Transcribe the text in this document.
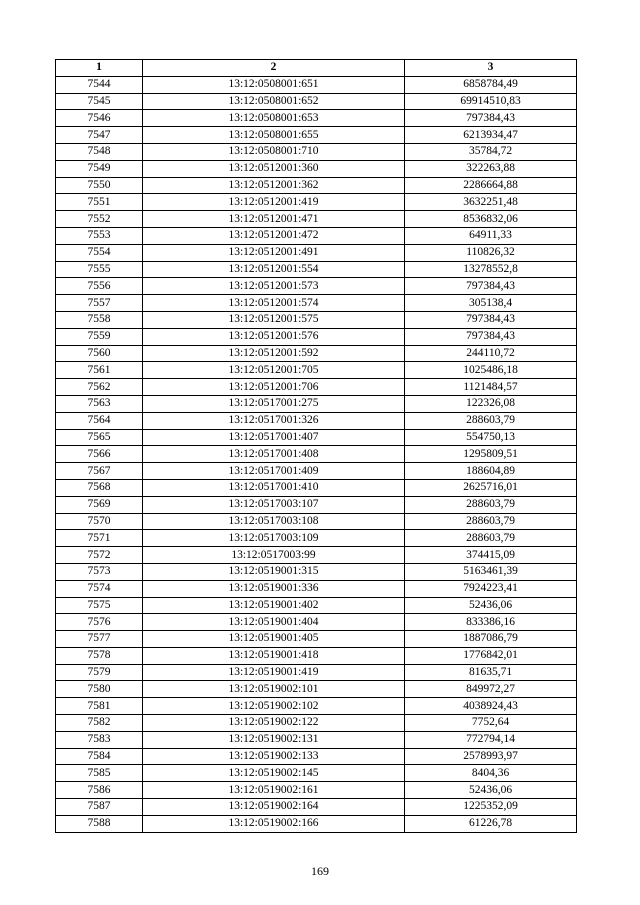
1	2	3
7544	13:12:0508001:651	6858784,49
7545	13:12:0508001:652	69914510,83
7546	13:12:0508001:653	797384,43
7547	13:12:0508001:655	6213934,47
7548	13:12:0508001:710	35784,72
7549	13:12:0512001:360	322263,88
7550	13:12:0512001:362	2286664,88
7551	13:12:0512001:419	3632251,48
7552	13:12:0512001:471	8536832,06
7553	13:12:0512001:472	64911,33
7554	13:12:0512001:491	110826,32
7555	13:12:0512001:554	13278552,8
7556	13:12:0512001:573	797384,43
7557	13:12:0512001:574	305138,4
7558	13:12:0512001:575	797384,43
7559	13:12:0512001:576	797384,43
7560	13:12:0512001:592	244110,72
7561	13:12:0512001:705	1025486,18
7562	13:12:0512001:706	1121484,57
7563	13:12:0517001:275	122326,08
7564	13:12:0517001:326	288603,79
7565	13:12:0517001:407	554750,13
7566	13:12:0517001:408	1295809,51
7567	13:12:0517001:409	188604,89
7568	13:12:0517001:410	2625716,01
7569	13:12:0517003:107	288603,79
7570	13:12:0517003:108	288603,79
7571	13:12:0517003:109	288603,79
7572	13:12:0517003:99	374415,09
7573	13:12:0519001:315	5163461,39
7574	13:12:0519001:336	7924223,41
7575	13:12:0519001:402	52436,06
7576	13:12:0519001:404	833386,16
7577	13:12:0519001:405	1887086,79
7578	13:12:0519001:418	1776842,01
7579	13:12:0519001:419	81635,71
7580	13:12:0519002:101	849972,27
7581	13:12:0519002:102	4038924,43
7582	13:12:0519002:122	7752,64
7583	13:12:0519002:131	772794,14
7584	13:12:0519002:133	2578993,97
7585	13:12:0519002:145	8404,36
7586	13:12:0519002:161	52436,06
7587	13:12:0519002:164	1225352,09
7588	13:12:0519002:166	61226,78
169
